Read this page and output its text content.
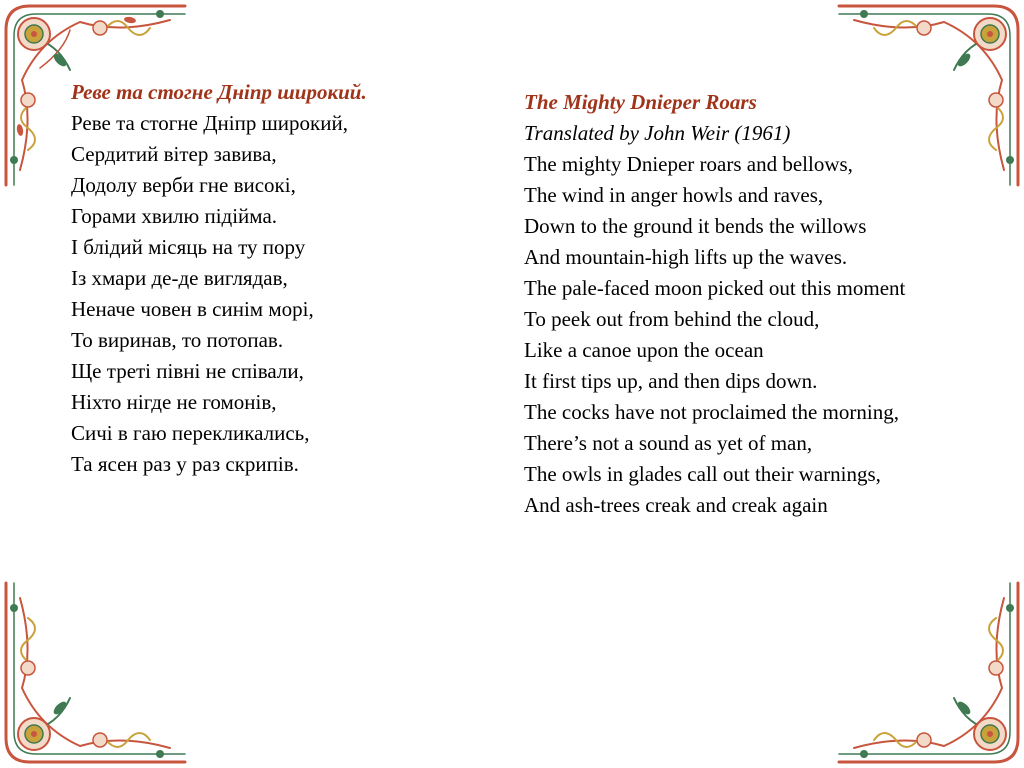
Реве та стогне Дніпр широкий.
Реве та стогне Дніпр широкий,
Сердитий вітер завива,
Додолу верби гне високі,
Горами хвилю підійма.
І блідий місяць на ту пору
Із хмари де-де виглядав,
Неначе човен в синім морі,
То виринав, то потопав.
Ще треті півні не співали,
Ніхто нігде не гомонів,
Сичі в гаю перекликались,
Та ясен раз у раз скрипів.
The Mighty Dnieper Roars
Translated by John Weir (1961)
The mighty Dnieper roars and bellows,
The wind in anger howls and raves,
Down to the ground it bends the willows
And mountain-high lifts up the waves.
The pale-faced moon picked out this moment
To peek out from behind the cloud,
Like a canoe upon the ocean
It first tips up, and then dips down.
The cocks have not proclaimed the morning,
There’s not a sound as yet of man,
The owls in glades call out their warnings,
And ash-trees creak and creak again
